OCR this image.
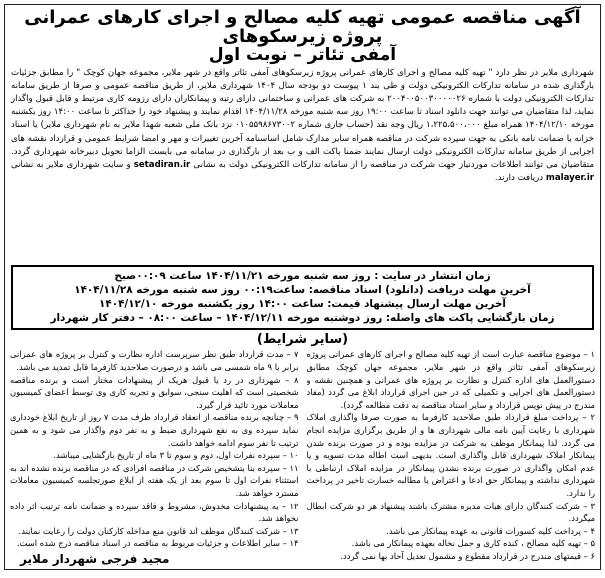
آگهی مناقصه عمومی تهیه کلیه مصالح و اجرای کارهای عمرانی پروژه زیرسکوهای
آمفی تئاتر – نوبت اول

شهرداری ملایر در نظر دارد " تهیه کلیه مصالح و اجرای کارهای عمرانی پروژه زیرسکوهای آمفی تئاتر واقع در شهر ملایر، مجموعه جهان کوچک " را مطابق جزئیات بارگذاری شده در سامانه تدارکات الکترونیکی دولت و طی بند ۱ پیوست دو بودجه سال ۱۴۰۴ شهرداری ملایر، از طریق مناقصه عمومی و صرفا از طریق سامانه تدارکات الکترونیکی دولت با شماره ۲۰۰۴۰۰۵۰۰۳۰۰۰۰۰۲۶ به شرکت های عمرانی و ساختمانی دارای رتبه و پیمانکاران دارای رزومه کاری مرتبط و قابل قبول واگذار نماید، لذا متقاضیان می توانند جهت دانلود اسناد تا ساعت ۱۹:۰۰ روز سه شنبه مورخه ۱۴۰۴/۱۱/۲۸ اقدام نمایند و پیشنهاد خود را حداکثر تا ساعت ۱۴:۰۰ روز یکشنبه مورخه ۱۴۰۴/۱۲/۱۰ همراه مبلغ ۱،۲۲۵،۵۰۰،۰۰۰ ریال وجه نقد (حساب جاری شماره ۰۱۰۵۵۹۸۶۷۳۰۰۲ نزد بانک ملی شعبه شهدا ملایر به نام شهرداری ملایر) یا اسناد خزانه یا ضمانت نامه بانکی به جهت سپرده شرکت در مناقصه همراه سایر مدارک شامل اساسنامه آخرین تغییرات و مهر و امضا شرایط عمومی و قرارداد نقشه های اجرایی از طریق سامانه تدارکات الکترونیکی دولت ارسال نمایند ضمنا پاکت الف و ب بعد از بارگذاری در سامانه می بایست الزاما تحویل دبیرخانه شهرداری گردد. متقاضیان می توانند اطلاعات موردنیاز جهت شرکت در مناقصه را از سامانه تدارکات الکترونیکی دولت به نشانی setadiran.ir و سایت شهرداری ملایر به نشانی malayer.ir دریافت دارند.

زمان انتشار در سایت : روز سه شنبه مورخه ۱۴۰۴/۱۱/۲۱ ساعت ۰۰:۰۹صبح
آخرین مهلت دریافت (دانلود) اسناد مناقصه: ساعت۰۰:۱۹ روز سه شنبه مورخه ۱۴۰۴/۱۱/۲۸
آخرین مهلت ارسال پیشنهاد قیمت: ساعت ۱۴:۰۰ روز یکشنبه مورخه ۱۴۰۴/۱۲/۱۰
زمان بازگشایی پاکت های واصله: روز دوشنبه مورخه ۱۴۰۴/۱۲/۱۱ – ساعت ۰۸:۰۰ – دفتر کار شهردار
(سایر شرایط)

۱ – موضوع مناقصه عبارت است از تهیه کلیه مصالح و اجرای کارهای عمرانی پروژه زیرسکوهای آمفی تئاتر واقع در شهر ملایر، مجموعه جهان کوچک مطابق دستورالعمل های اداره کنترل و نظارت بر پروژه های عمرانی و همچنین نقشه و دستورالعمل های اجرایی و تکمیلی که در حین اجرای قرارداد ابلاغ می گردد (مفاد مندرج در پیش نویس قرارداد و سایر اسناد مناقصه به دقت مطالعه گردد).

۲ – پرداخت مبلغ قرارداد طبق صلاحدید کارفرما به صورت صرفا واگذاری املاک شهرداری با رعایت آیین نامه مالی شهرداری ها و از طریق برگزاری مزایده انجام می گردد. لذا پیمانکار موظف به شرکت در مزایده بوده و در صورت برنده شدن پیمانکار املاک شهرداری قابل واگذاری است. بدیهی است اطاله مدت تسویه و یا عدم امکان واگذاری در صورت برنده نشدن پیمانکار در مزایده املاک ارتباطی با شهرداری نداشته و پیمانکار حق ادعا و اعتراض یا مطالبه خسارت تاخیر در پرداخت را ندارد.

۳ – شرکت کنندگان دارای هیات مدیره مشترک باشند پیشنهاد هر دو شرکت ابطال میگردد.

۴ – پرداخت کلیه کسورات قانونی به عهده پیمانکار می باشد.

۵ – تهیه کلیه مصالح ، کنده کاری و حمل نخاله بعهده پیمانکار می باشد.

۶ – قیمتهای مندرج در قرارداد مقطوع و مشمول تعدیل آحاد بها نمی گردد.

۷ – مدت قرارداد طبق نظر سرپرست اداره نظارت و کنترل بر پروژه های عمرانی برابر با ۹ ماه شمسی می باشد و درصورت صلاحدید کارفرما قابل تمدید می باشد.

۸ – شهرداری در رد یا قبول هریک از پیشنهادات مختار است و برنده مناقصه شخصیتی است که اهلیت سنجی، سوابق و تجربه کاری وی توسط اعضای کمیسیون معاملات مورد تائید قرار گیرد.

۹ – چنانچه برنده مناقصه از انعقاد قرارداد ظرف مدت ۷ روز از تاریخ ابلاغ خودداری نماید سپرده وی به نفع شهرداری ضبط و به نفر دوم واگذار می شود و به همین ترتیب تا نفر سوم ادامه خواهد داشت.

۱۰ – سپرده نفرات اول، دوم و سوم تا ۳ ماه از تاریخ بازگشایی میباشد.

۱۱ – سپرده بنا بتشخیص شرکت در مناقصه افرادی که در مناقصه برنده نشده اند به استثناء نفرات اول تا سوم بعد از یک هفته از ابلاغ صورتجلسه کمیسیون معاملات مسترد خواهد شد.

۱۲ – به پیشنهادات مخدوش، مشروط و فاقد سپرده و ضمانت نامه ترتیب اثر داده نخواهد شد.

۱۳ – شرکت کنندگان موظف اند قانون منع مداخله کارکنان دولت را رعایت نمایند.

۱۴ – سایر اطلاعات و جزئیات مربوط به مناقصه در اسناد مناقصه درج شده است.

مجید فرجی شهردار ملایر
